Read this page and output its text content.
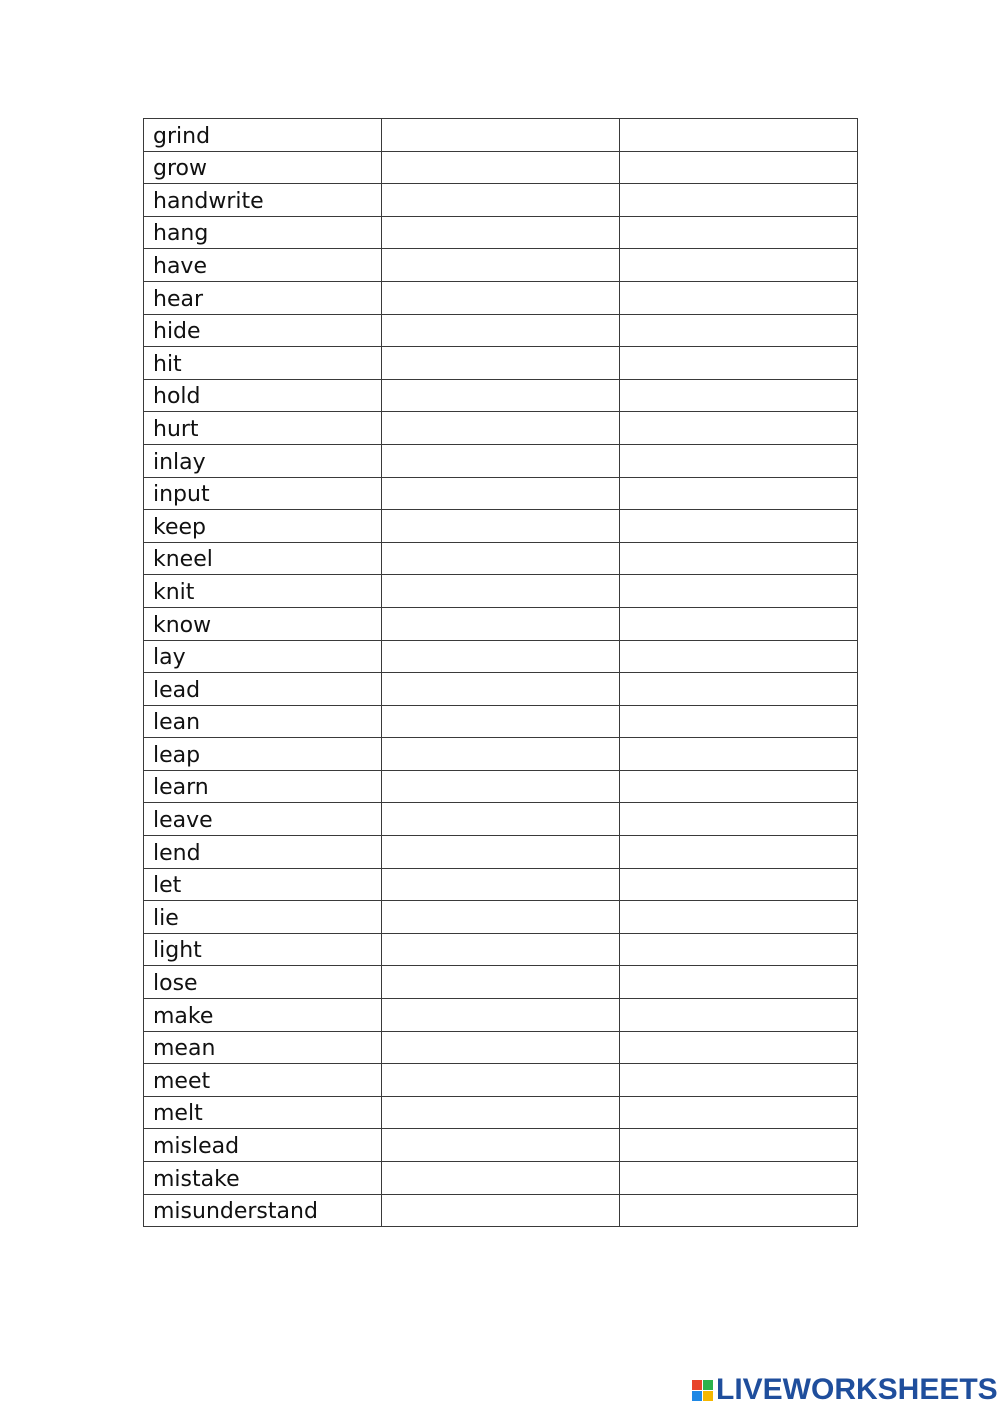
grind		
grow		
handwrite		
hang		
have		
hear		
hide		
hit		
hold		
hurt		
inlay		
input		
keep		
kneel		
knit		
know		
lay		
lead		
lean		
leap		
learn		
leave		
lend		
let		
lie		
light		
lose		
make		
mean		
meet		
melt		
mislead		
mistake		
misunderstand		
LIVEWORKSHEETS
